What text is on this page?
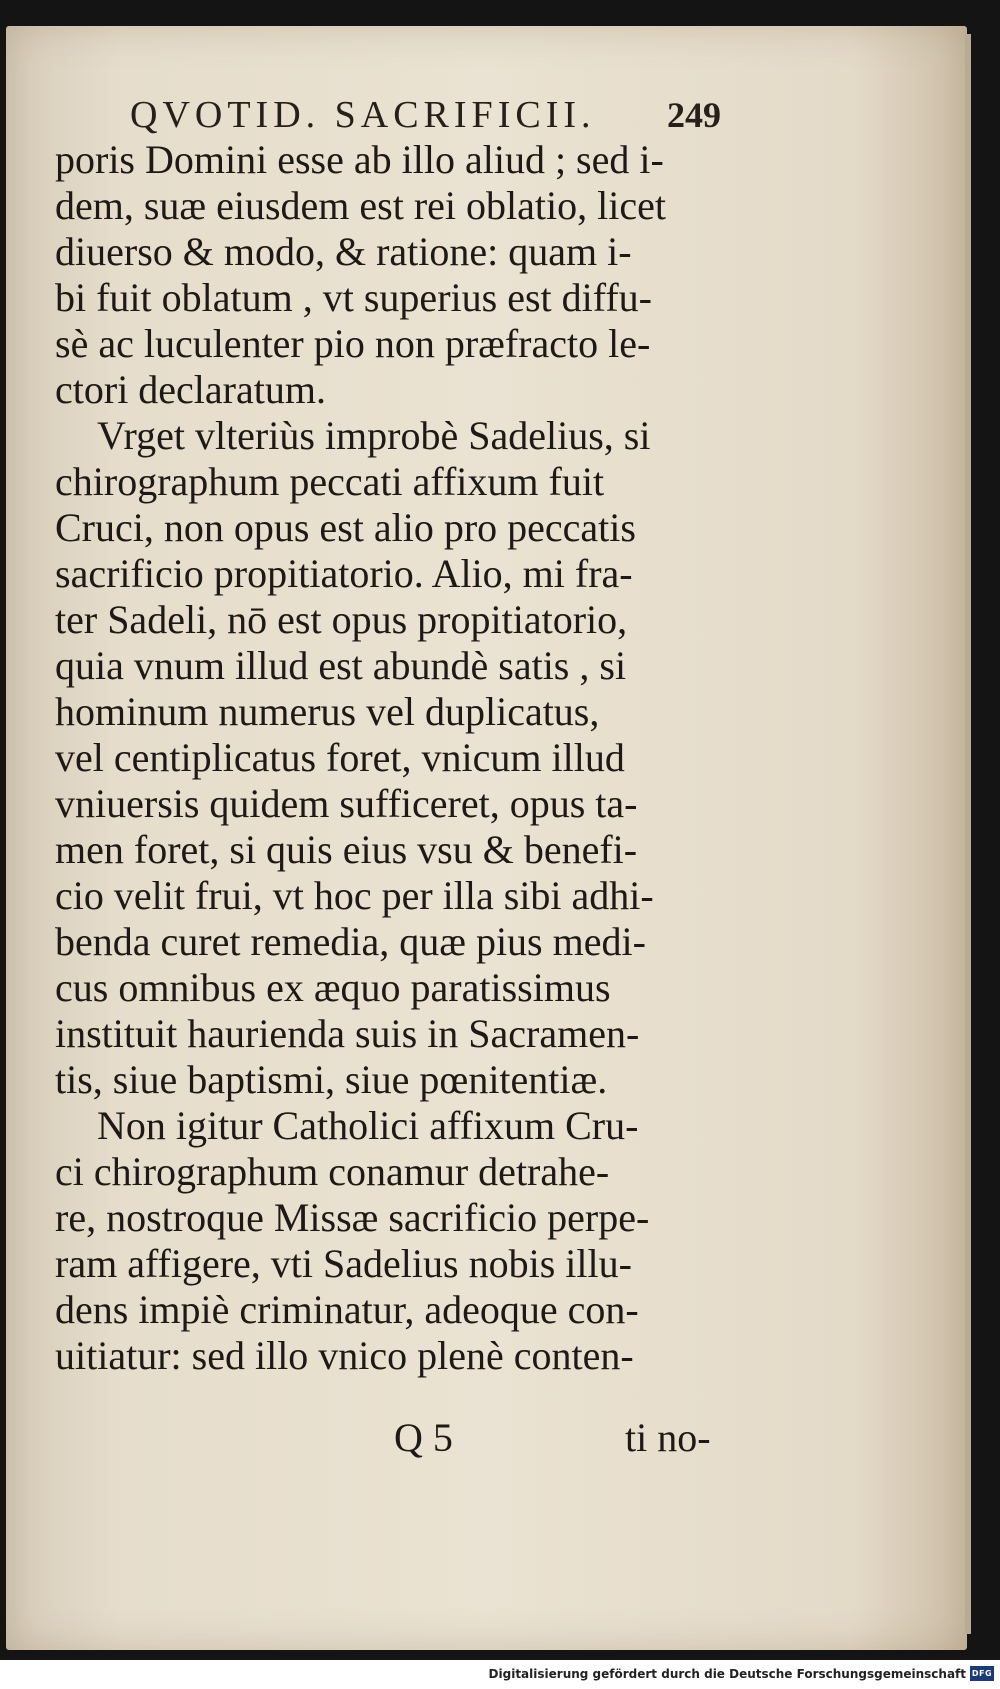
QVOTID. SACRIFICII. 249
poris Domini esse ab illo aliud ; sed i-
dem, suæ eiusdem est rei oblatio, licet
diuerso & modo, & ratione: quam i-
bi fuit oblatum , vt superius est diffu-
sè ac luculenter pio non præfracto le-
ctori declaratum.
Vrget vlteriùs improbè Sadelius, si
chirographum peccati affixum fuit
Cruci, non opus est alio pro peccatis
sacrificio propitiatorio. Alio, mi fra-
ter Sadeli, nō est opus propitiatorio,
quia vnum illud est abundè satis , si
hominum numerus vel duplicatus,
vel centiplicatus foret, vnicum illud
vniuersis quidem sufficeret, opus ta-
men foret, si quis eius vsu & benefi-
cio velit frui, vt hoc per illa sibi adhi-
benda curet remedia, quæ pius medi-
cus omnibus ex æquo paratissimus
instituit haurienda suis in Sacramen-
tis, siue baptismi, siue pœnitentiæ.
Non igitur Catholici affixum Cru-
ci chirographum conamur detrahe-
re, nostroque Missæ sacrificio perpe-
ram affigere, vti Sadelius nobis illu-
dens impiè criminatur, adeoque con-
uitiatur: sed illo vnico plenè conten-
Q 5	ti no-
Digitalisierung gefördert durch die Deutsche Forschungsgemeinschaft DFG
